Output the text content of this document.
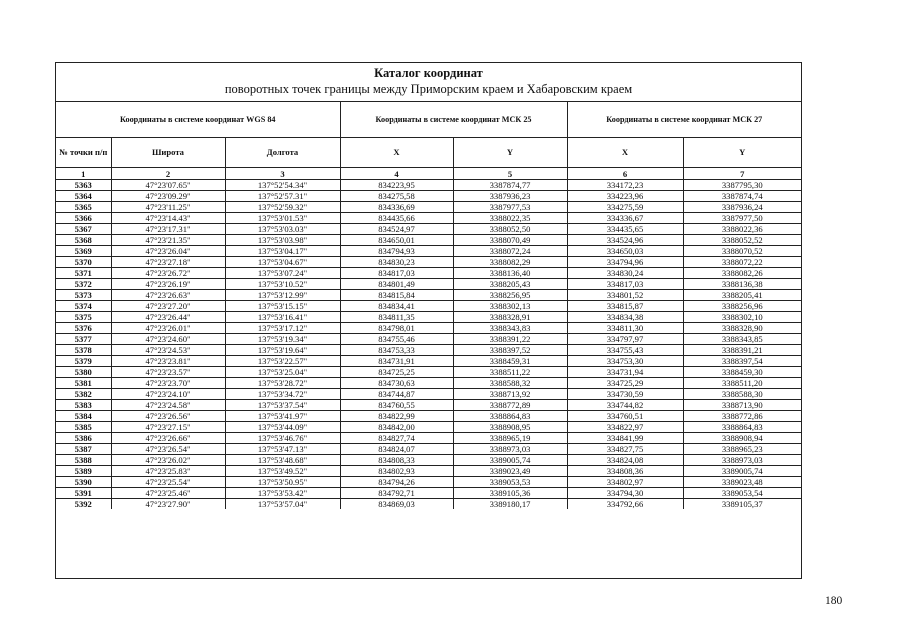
Каталог координат
поворотных точек границы между Приморским краем и Хабаровским краем
Координаты в системе координат WGS 84			Координаты в системе координат МСК 25		Координаты в системе координат МСК 27	
№ точки п/п	Широта	Долгота	X	Y	X	Y
1	2	3	4	5	6	7
5363	47°23'07.65"	137°52'54.34"	834223,95	3387874,77	334172,23	3387795,30
5364	47°23'09.29"	137°52'57.31"	834275,58	3387936,23	334223,96	3387874,74
5365	47°23'11.25"	137°52'59.32"	834336,69	3387977,53	334275,59	3387936,24
5366	47°23'14.43"	137°53'01.53"	834435,66	3388022,35	334336,67	3387977,50
5367	47°23'17.31"	137°53'03.03"	834524,97	3388052,50	334435,65	3388022,36
5368	47°23'21.35"	137°53'03.98"	834650,01	3388070,49	334524,96	3388052,52
5369	47°23'26.04"	137°53'04.17"	834794,93	3388072,24	334650,03	3388070,52
5370	47°23'27.18"	137°53'04.67"	834830,23	3388082,29	334794,96	3388072,22
5371	47°23'26.72"	137°53'07.24"	834817,03	3388136,40	334830,24	3388082,26
5372	47°23'26.19"	137°53'10.52"	834801,49	3388205,43	334817,03	3388136,38
5373	47°23'26.63"	137°53'12.99"	834815,84	3388256,95	334801,52	3388205,41
5374	47°23'27.20"	137°53'15.15"	834834,41	3388302,13	334815,87	3388256,96
5375	47°23'26.44"	137°53'16.41"	834811,35	3388328,91	334834,38	3388302,10
5376	47°23'26.01"	137°53'17.12"	834798,01	3388343,83	334811,30	3388328,90
5377	47°23'24.60"	137°53'19.34"	834755,46	3388391,22	334797,97	3388343,85
5378	47°23'24.53"	137°53'19.64"	834753,33	3388397,52	334755,43	3388391,21
5379	47°23'23.81"	137°53'22.57"	834731,91	3388459,31	334753,30	3388397,54
5380	47°23'23.57"	137°53'25.04"	834725,25	3388511,22	334731,94	3388459,30
5381	47°23'23.70"	137°53'28.72"	834730,63	3388588,32	334725,29	3388511,20
5382	47°23'24.10"	137°53'34.72"	834744,87	3388713,92	334730,59	3388588,30
5383	47°23'24.58"	137°53'37.54"	834760,55	3388772,89	334744,82	3388713,90
5384	47°23'26.56"	137°53'41.97"	834822,99	3388864,83	334760,51	3388772,86
5385	47°23'27.15"	137°53'44.09"	834842,00	3388908,95	334822,97	3388864,83
5386	47°23'26.66"	137°53'46.76"	834827,74	3388965,19	334841,99	3388908,94
5387	47°23'26.54"	137°53'47.13"	834824,07	3388973,03	334827,75	3388965,23
5388	47°23'26.02"	137°53'48.68"	834808,33	3389005,74	334824,08	3388973,03
5389	47°23'25.83"	137°53'49.52"	834802,93	3389023,49	334808,36	3389005,74
5390	47°23'25.54"	137°53'50.95"	834794,26	3389053,53	334802,97	3389023,48
5391	47°23'25.46"	137°53'53.42"	834792,71	3389105,36	334794,30	3389053,54
5392	47°23'27.90"	137°53'57.04"	834869,03	3389180,17	334792,66	3389105,37
180
